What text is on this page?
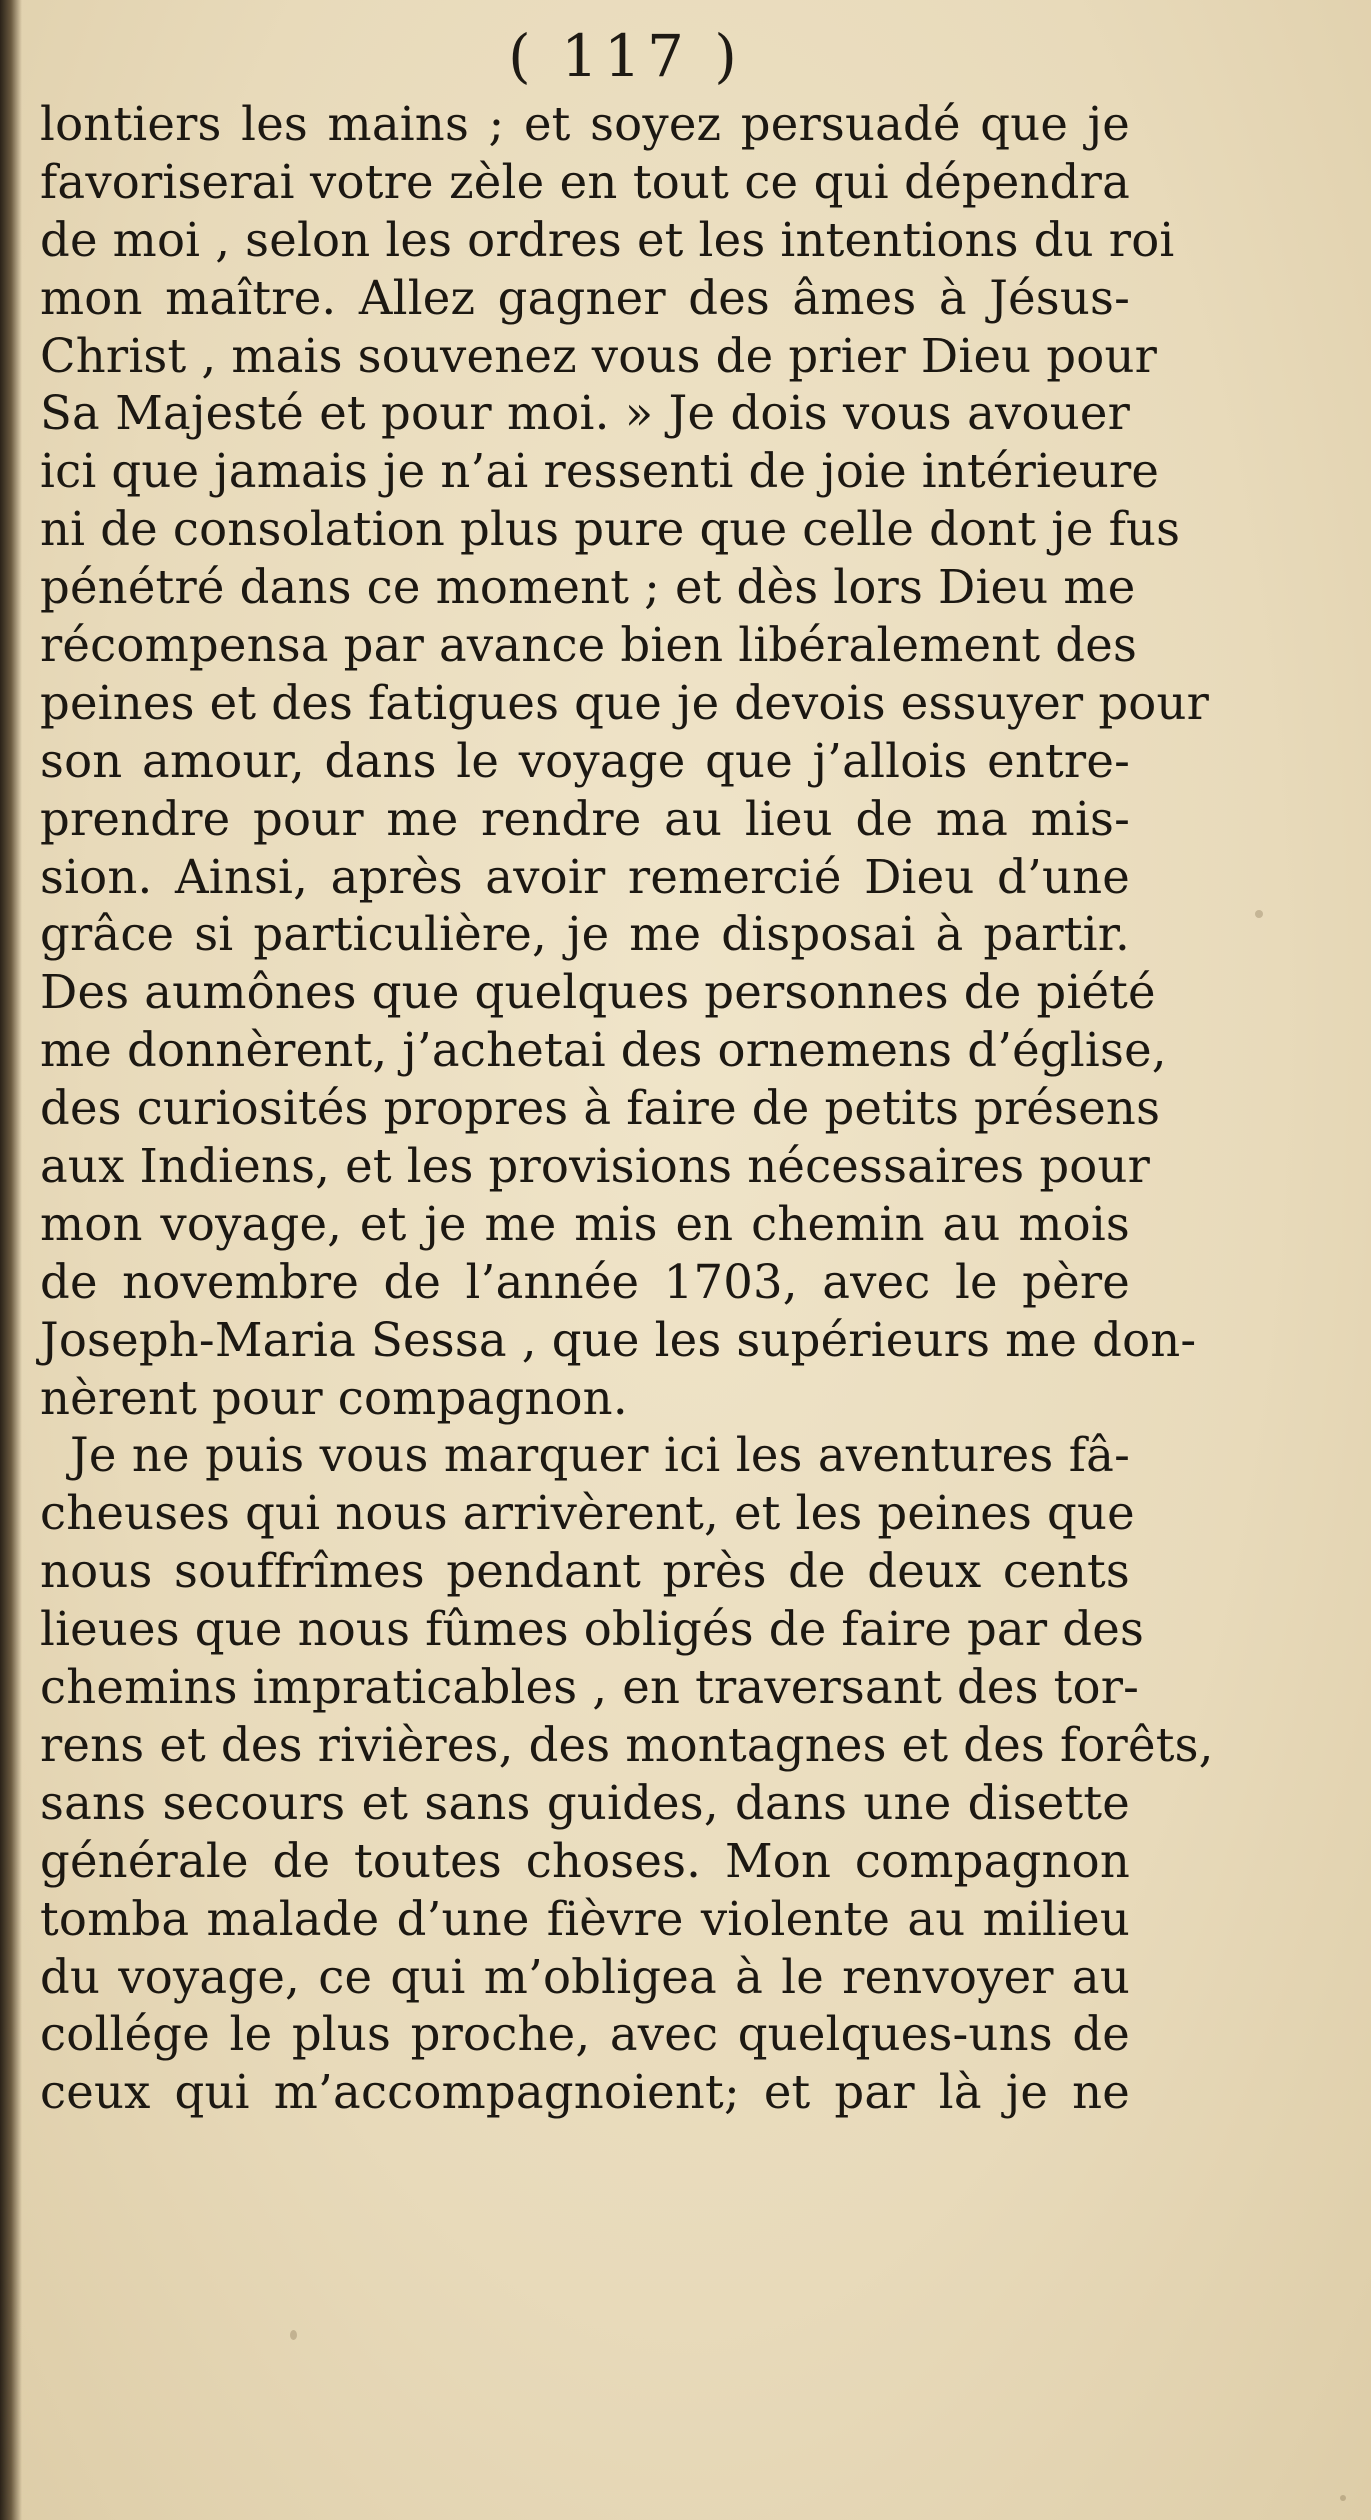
( 117 )
lontiers les mains ; et soyez persuadé que je
favoriserai votre zèle en tout ce qui dépendra
de moi , selon les ordres et les intentions du roi
mon maître. Allez gagner des âmes à Jésus-
Christ , mais souvenez vous de prier Dieu pour
Sa Majesté et pour moi. » Je dois vous avouer
ici que jamais je n’ai ressenti de joie intérieure
ni de consolation plus pure que celle dont je fus
pénétré dans ce moment ; et dès lors Dieu me
récompensa par avance bien libéralement des
peines et des fatigues que je devois essuyer pour
son amour, dans le voyage que j’allois entre-
prendre pour me rendre au lieu de ma mis-
sion. Ainsi, après avoir remercié Dieu d’une
grâce si particulière, je me disposai à partir.
Des aumônes que quelques personnes de piété
me donnèrent, j’achetai des ornemens d’église,
des curiosités propres à faire de petits présens
aux Indiens, et les provisions nécessaires pour
mon voyage, et je me mis en chemin au mois
de novembre de l’année 1703, avec le père
Joseph-Maria Sessa , que les supérieurs me don-
nèrent pour compagnon.
Je ne puis vous marquer ici les aventures fâ-
cheuses qui nous arrivèrent, et les peines que
nous souffrîmes pendant près de deux cents
lieues que nous fûmes obligés de faire par des
chemins impraticables , en traversant des tor-
rens et des rivières, des montagnes et des forêts,
sans secours et sans guides, dans une disette
générale de toutes choses. Mon compagnon
tomba malade d’une fièvre violente au milieu
du voyage, ce qui m’obligea à le renvoyer au
collége le plus proche, avec quelques-uns de
ceux qui m’accompagnoient; et par là je ne
